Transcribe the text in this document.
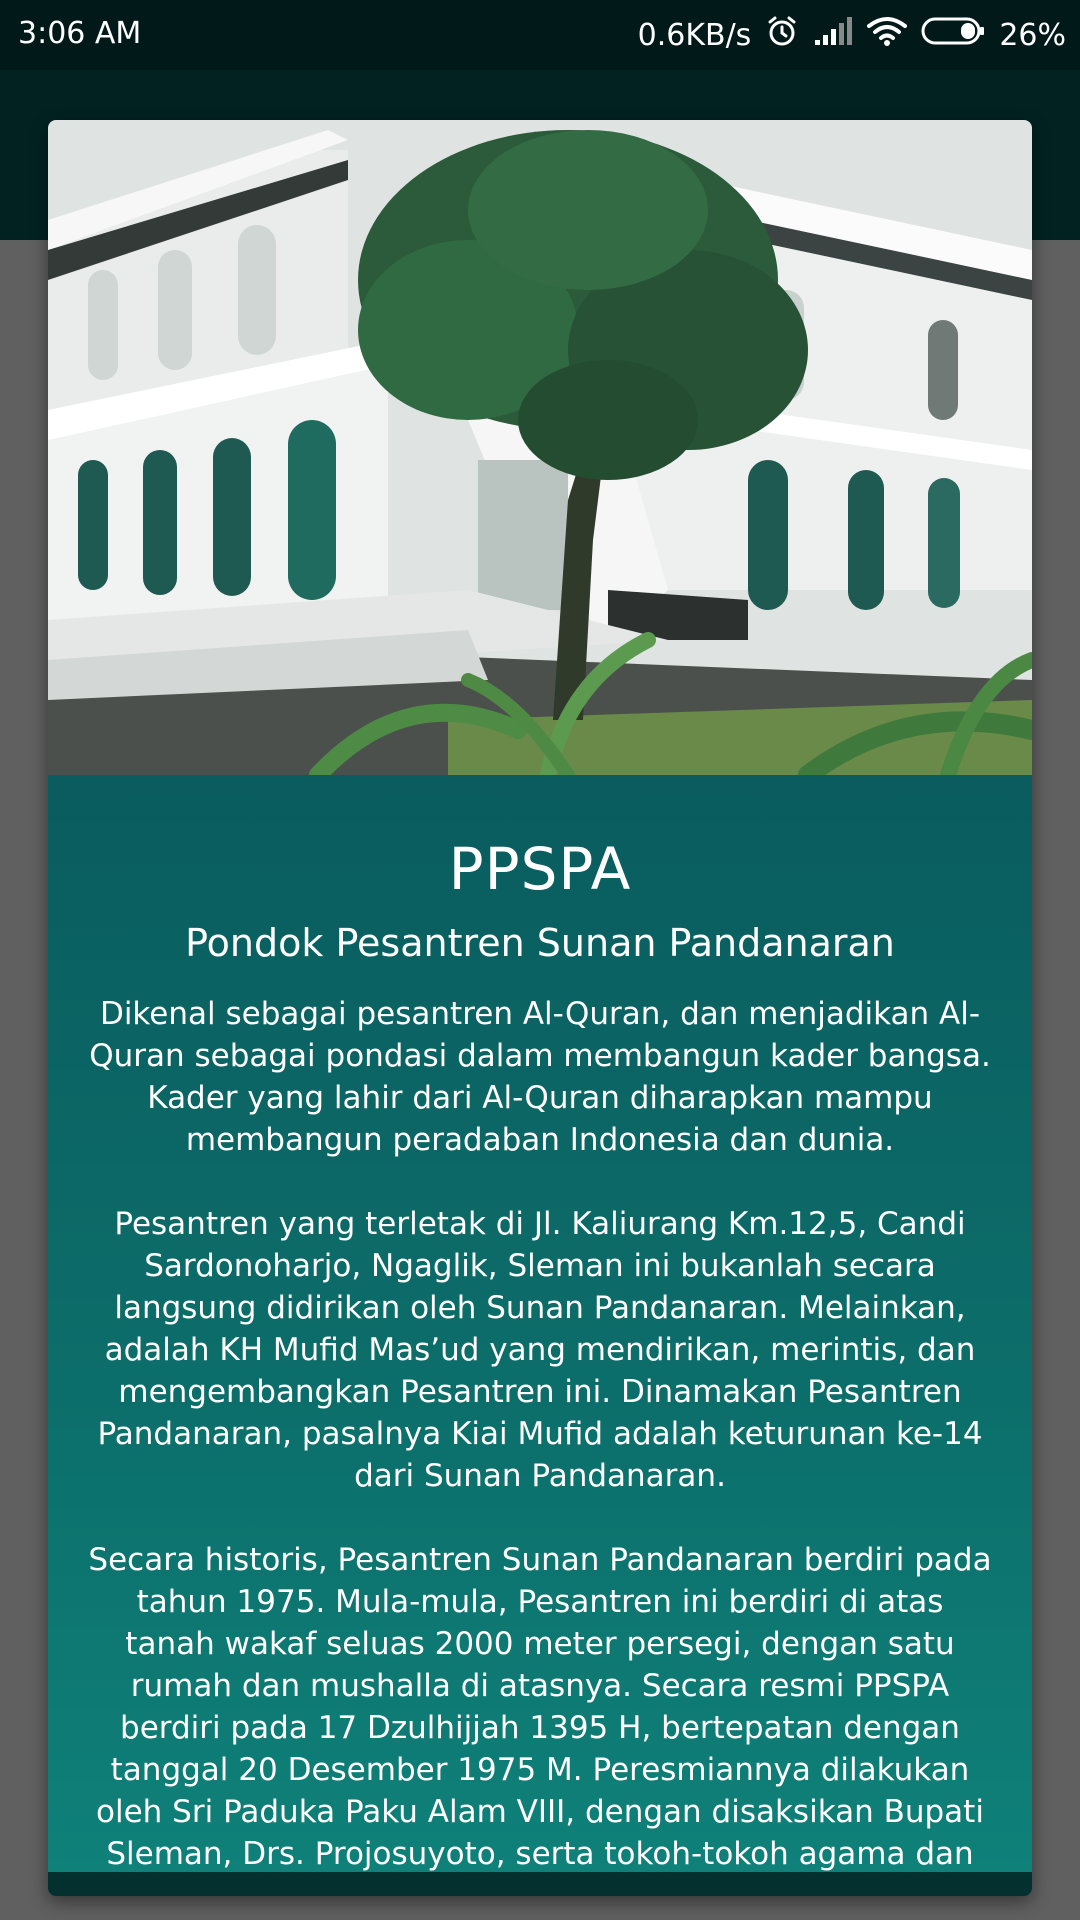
3:06 AM	0.6KB/s	26%
PPSPA
Pondok Pesantren Sunan Pandanaran

Dikenal sebagai pesantren Al-Quran, dan menjadikan Al-Quran sebagai pondasi dalam membangun kader bangsa. Kader yang lahir dari Al-Quran diharapkan mampu membangun peradaban Indonesia dan dunia.

Pesantren yang terletak di Jl. Kaliurang Km.12,5, Candi Sardonoharjo, Ngaglik, Sleman ini bukanlah secara langsung didirikan oleh Sunan Pandanaran. Melainkan, adalah KH Mufid Mas’ud yang mendirikan, merintis, dan mengembangkan Pesantren ini. Dinamakan Pesantren Pandanaran, pasalnya Kiai Mufid adalah keturunan ke-14 dari Sunan Pandanaran.

Secara historis, Pesantren Sunan Pandanaran berdiri pada tahun 1975. Mula-mula, Pesantren ini berdiri di atas tanah wakaf seluas 2000 meter persegi, dengan satu rumah dan mushalla di atasnya. Secara resmi PPSPA berdiri pada 17 Dzulhijjah 1395 H, bertepatan dengan tanggal 20 Desember 1975 M. Peresmiannya dilakukan oleh Sri Paduka Paku Alam VIII, dengan disaksikan Bupati Sleman, Drs. Projosuyoto, serta tokoh-tokoh agama dan
